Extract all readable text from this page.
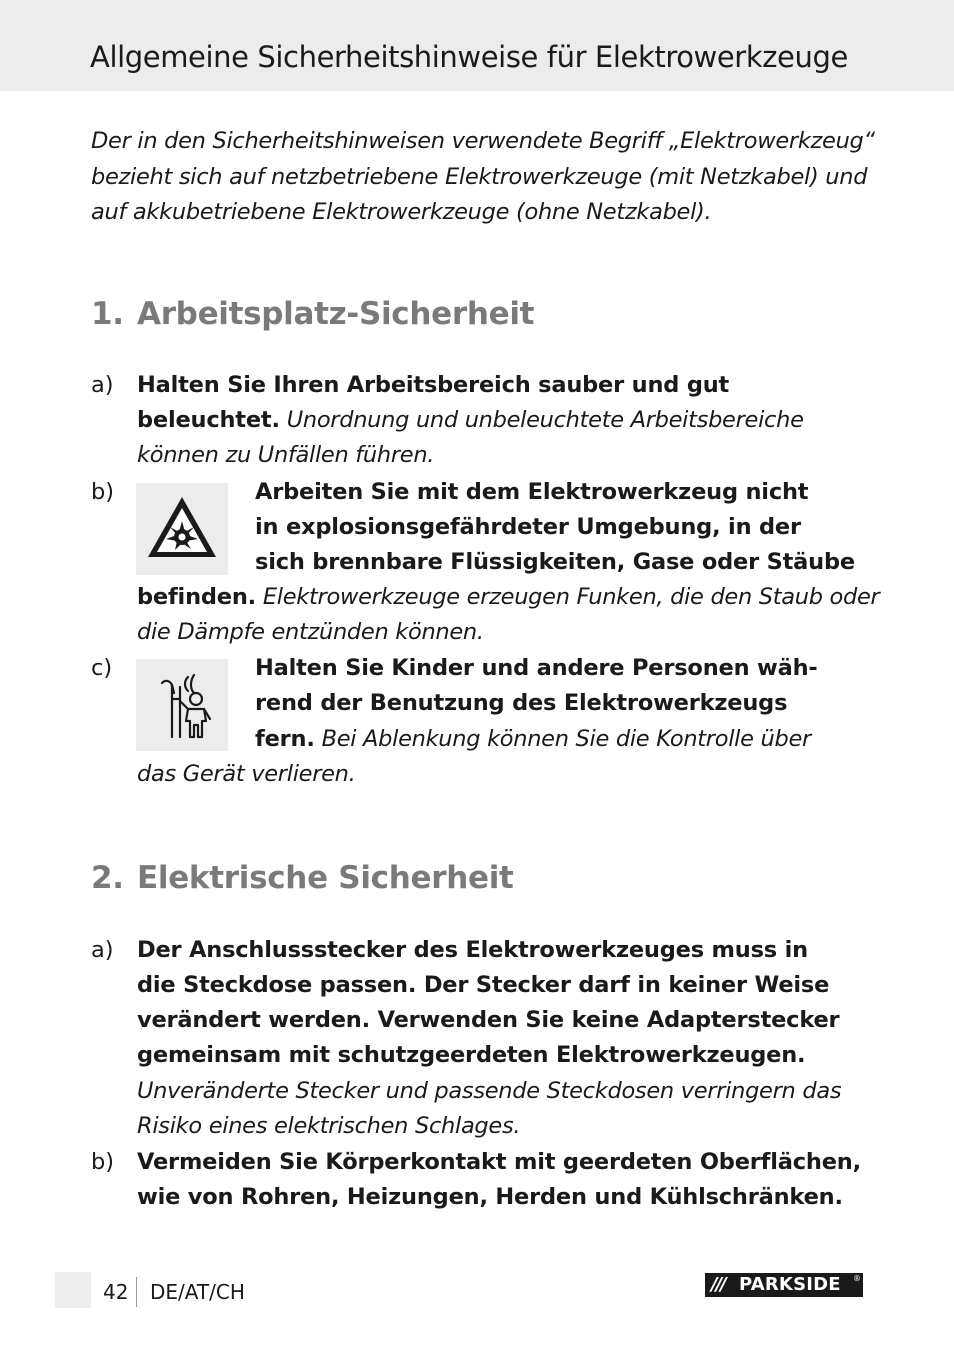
Allgemeine Sicherheitshinweise für Elektrowerkzeuge
Der in den Sicherheitshinweisen verwendete Begriff „Elektrowerkzeug“
bezieht sich auf netzbetriebene Elektrowerkzeuge (mit Netzkabel) und
auf akkubetriebene Elektrowerkzeuge (ohne Netzkabel).
1. Arbeitsplatz-Sicherheit
a) Halten Sie Ihren Arbeitsbereich sauber und gut
beleuchtet. Unordnung und unbeleuchtete Arbeitsbereiche
können zu Unfällen führen.
b)	Arbeiten Sie mit dem Elektrowerkzeug nicht
in explosionsgefährdeter Umgebung, in der
sich brennbare Flüssigkeiten, Gase oder Stäube
befinden. Elektrowerkzeuge erzeugen Funken, die den Staub oder
die Dämpfe entzünden können.
c)	Halten Sie Kinder und andere Personen wäh-
rend der Benutzung des Elektrowerkzeugs
fern. Bei Ablenkung können Sie die Kontrolle über
das Gerät verlieren.
2. Elektrische Sicherheit
a) Der Anschlussstecker des Elektrowerkzeuges muss in
die Steckdose passen. Der Stecker darf in keiner Weise
verändert werden. Verwenden Sie keine Adapterstecker
gemeinsam mit schutzgeerdeten Elektrowerkzeugen.
Unveränderte Stecker und passende Steckdosen verringern das
Risiko eines elektrischen Schlages.
b) Vermeiden Sie Körperkontakt mit geerdeten Oberflächen,
wie von Rohren, Heizungen, Herden und Kühlschränken.
42 DE/AT/CH	/// PARKSIDE ®
